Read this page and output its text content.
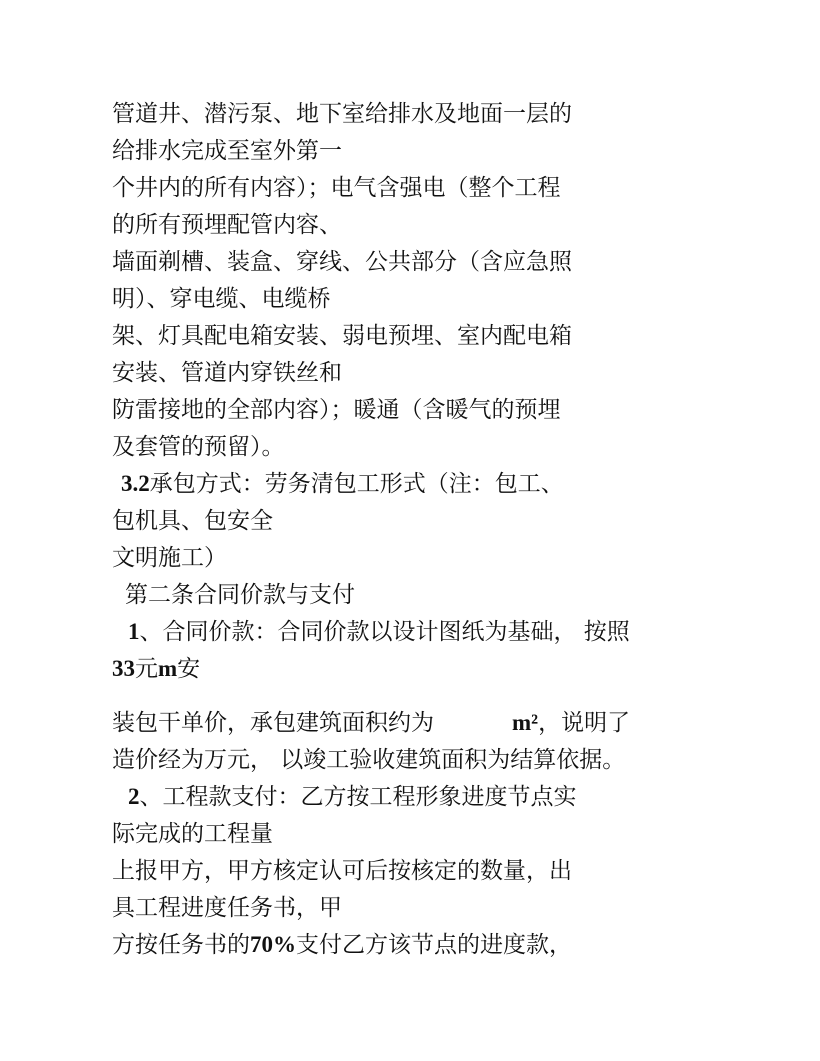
管道井、潜污泵、地下室给排水及地面一层的
给排水完成至室外第一
个井内的所有内容）；电气含强电（整个工程
的所有预埋配管内容、
墙面剃槽、装盒、穿线、公共部分（含应急照
明）、穿电缆、电缆桥
架、灯具配电箱安装、弱电预埋、室内配电箱
安装、管道内穿铁丝和
防雷接地的全部内容）；暖通（含暖气的预埋
及套管的预留）。
3.2承包方式：劳务清包工形式（注：包工、
包机具、包安全
文明施工）
第二条合同价款与支付
1、合同价款：合同价款以设计图纸为基础， 按照
33元m安
装包干单价，承包建筑面积约为	m²，说明了
造价经为万元， 以竣工验收建筑面积为结算依据。
2、工程款支付：乙方按工程形象进度节点实
际完成的工程量
上报甲方，甲方核定认可后按核定的数量，出
具工程进度任务书，甲
方按任务书的70%支付乙方该节点的进度款，
